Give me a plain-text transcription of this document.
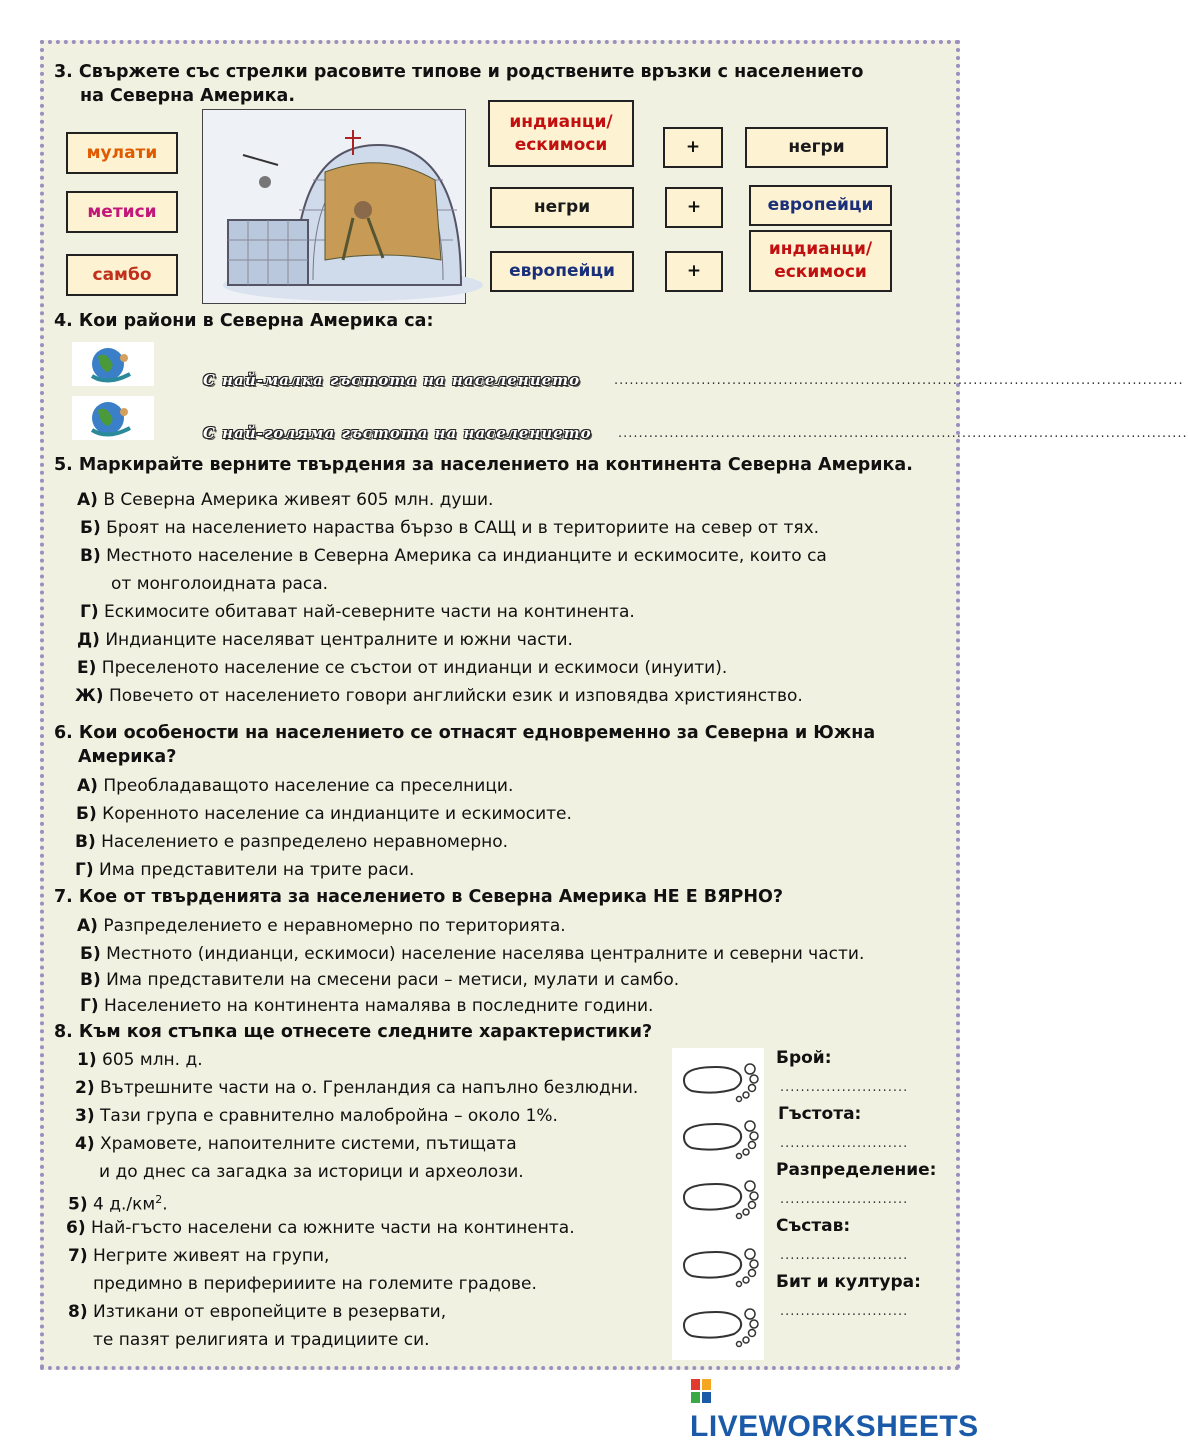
3. Свържете със стрелки расовите типове и родствените връзки с населението
на Северна Америка.
мулати
метиси
самбо
индианци/
ескимоси	+	негри
негри	+	европейци
европейци	+
индианци/
ескимоси
4. Кои райони в Северна Америка са:
С най-малка гъстота на населението	...............................................................................................................
С най-голяма гъстота на населението ...............................................................................................................
5. Маркирайте верните твърдения за населението на континента Северна Америка.
А) В Северна Америка живеят 605 млн. души.
Б) Броят на населението нараства бързо в САЩ и в териториите на север от тях.
В) Местното население в Северна Америка са индианците и ескимосите, които са
от монголоидната раса.
Г) Ескимосите обитават най-северните части на континента.
Д) Индианците населяват централните и южни части.
Е) Преселеното население се състои от индианци и ескимоси (инуити).
Ж) Повечето от населението говори английски език и изповядва християнство.
6. Кои особености на населението се отнасят едновременно за Северна и Южна
Америка?
А) Преобладаващото население са преселници.
Б) Коренното население са индианците и ескимосите.
В) Населението е разпределено неравномерно.
Г) Има представители на трите раси.
7. Кое от твърденията за населението в Северна Америка НЕ Е ВЯРНО?
А) Разпределението е неравномерно по територията.
Б) Местното (индианци, ескимоси) население населява централните и северни части.
В) Има представители на смесени раси – метиси, мулати и самбо.
Г) Населението на континента намалява в последните години.
8. Към коя стъпка ще отнесете следните характеристики?
1) 605 млн. д.
2) Вътрешните части на о. Гренландия са напълно безлюдни.
3) Тази група е сравнително малобройна – около 1%.
4) Храмовете, напоителните системи, пътищата
и до днес са загадка за историци и археолози.
5) 4 $д./км^2$.
6) Най-гъсто населени са южните части на континента.
7) Негрите живеят на групи,
предимно в периферииите на големите градове.
8) Изтикани от европейците в резервати,
те пазят религията и традициите си.
Брой:
.........................
Гъстота:
.........................
Разпределение:
.........................
Състав:
.........................
Бит и култура:
.........................
LIVEWORKSHEETS
